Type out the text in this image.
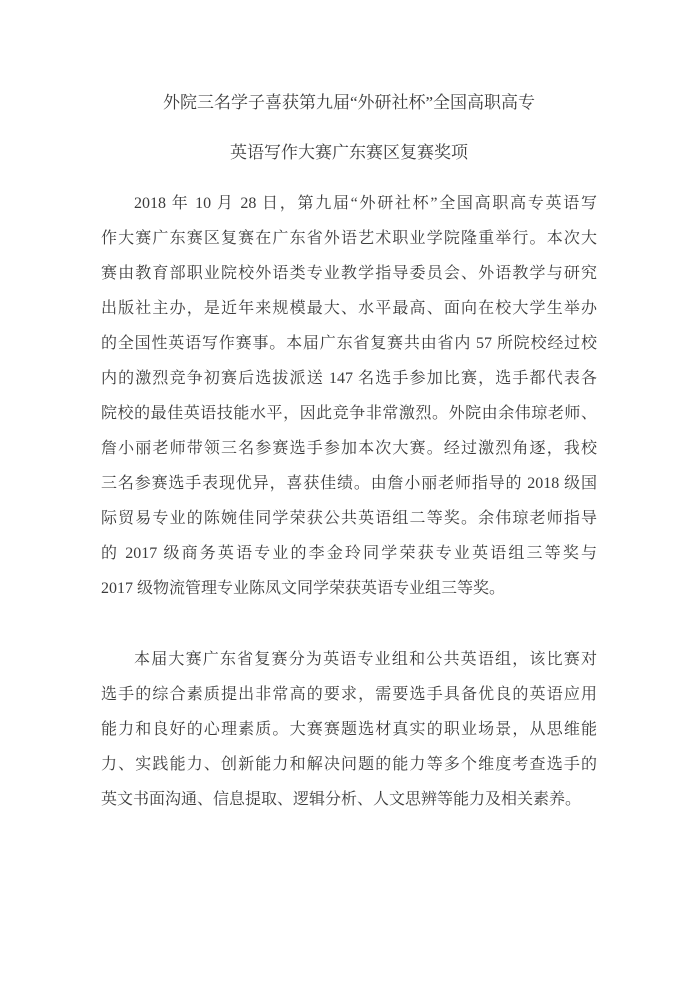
外院三名学子喜获第九届“外研社杯”全国高职高专
英语写作大赛广东赛区复赛奖项
2018 年 10 月 28 日，第九届“外研社杯”全国高职高专英语写
作大赛广东赛区复赛在广东省外语艺术职业学院隆重举行。本次大
赛由教育部职业院校外语类专业教学指导委员会、外语教学与研究
出版社主办，是近年来规模最大、水平最高、面向在校大学生举办
的全国性英语写作赛事。本届广东省复赛共由省内 57 所院校经过校
内的激烈竞争初赛后选拔派送 147 名选手参加比赛，选手都代表各
院校的最佳英语技能水平，因此竞争非常激烈。外院由余伟琼老师、
詹小丽老师带领三名参赛选手参加本次大赛。经过激烈角逐，我校
三名参赛选手表现优异，喜获佳绩。由詹小丽老师指导的 2018 级国
际贸易专业的陈婉佳同学荣获公共英语组二等奖。余伟琼老师指导
的 2017 级商务英语专业的李金玲同学荣获专业英语组三等奖与
2017 级物流管理专业陈凤文同学荣获英语专业组三等奖。
本届大赛广东省复赛分为英语专业组和公共英语组，该比赛对
选手的综合素质提出非常高的要求，需要选手具备优良的英语应用
能力和良好的心理素质。大赛赛题选材真实的职业场景，从思维能
力、实践能力、创新能力和解决问题的能力等多个维度考查选手的
英文书面沟通、信息提取、逻辑分析、人文思辨等能力及相关素养。
